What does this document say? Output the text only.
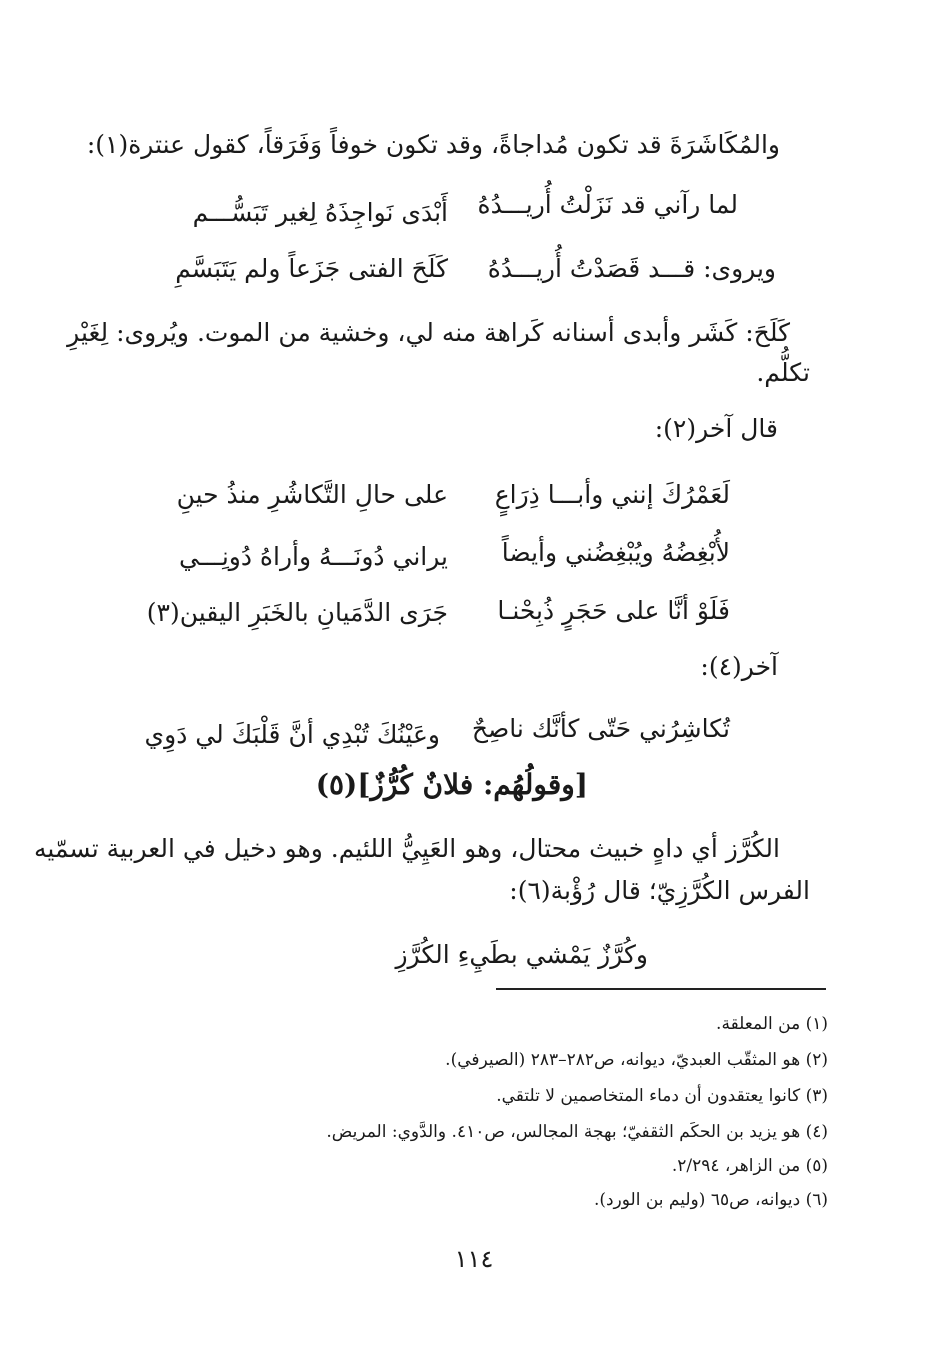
والمُكَاشَرَةَ قد تكون مُداجاةً، وقد تكون خوفاً وَفَرَقاً، كقول عنترة(١):
لما رآني قد نَزَلْتُ أُريـــدُهُ
أَبْدَى نَواجِذَهُ لِغير تَبَسُّـــم
ويروى: قـــد قَصَدْتُ أُريـــدُهُ
كَلَحَ الفتى جَزَعاً ولم يَتَبَسَّمِ
كَلَحَ: كَشَر وأبدى أسنانه كَراهة منه لي، وخشية من الموت. ويُروى: لِغَيْرِ
تكلُّم.
قال آخر(٢):
لَعَمْرُكَ إنني وأبـــا ذِرَاعٍ
على حالِ التَّكاشُرِ منذُ حينِ
لأُبْغِضُهُ ويُبْغِضُني وأيضاً
يراني دُونَـــهُ وأراهُ دُونِـــي
فَلَوْ أنَّا على حَجَرٍ ذُبِحْنـا
جَرَى الدَّمَيانِ بالخَبَرِ اليقين(٣)
آخر(٤):
تُكاشِرُني حَتّى كأنَّك ناصِحٌ
وعَيْنُكَ تُبْدِي أنَّ قَلْبَكَ لي دَوِي
[وقولُهُم: فلانٌ كُرُّزٌ](٥)
الكُرَّز أي داهٍ خبيث محتال، وهو العَيِيُّ اللئيم. وهو دخيل في العربية تسمّيه
الفرس الكُرَّزِيّ؛ قال رُؤْبة(٦):
وكُرَّزٌ يَمْشي بطَيِءِ الكُرَّزِ
(١) من المعلقة.
(٢) هو المثقّب العبديّ، ديوانه، ص٢٨٢–٢٨٣ (الصيرفي).
(٣) كانوا يعتقدون أن دماء المتخاصمين لا تلتقي.
(٤) هو يزيد بن الحكَم الثقفيّ؛ بهجة المجالس، ص٤١٠. والدَّوي: المريض.
(٥) من الزاهر، ٢/٢٩٤.
(٦) ديوانه، ص٦٥ (وليم بن الورد).
١١٤
